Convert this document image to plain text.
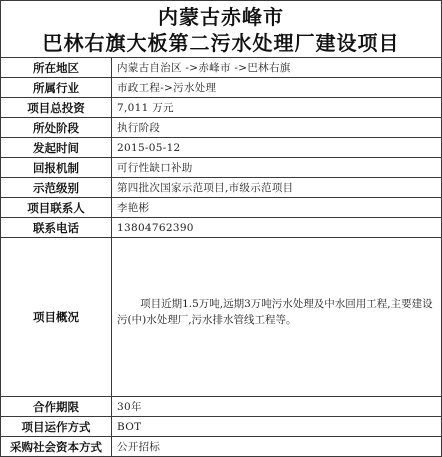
内蒙古赤峰市
巴林右旗大板第二污水处理厂建设项目
所在地区	内蒙古自治区 ->赤峰市 ->巴林右旗
所属行业	市政工程->污水处理
项目总投资	7,011 万元
所处阶段	执行阶段
发起时间	2015-05-12
回报机制	可行性缺口补助
示范级别	第四批次国家示范项目,市级示范项目
项目联系人	李艳彬
联系电话	13804762390
项目概况	项目近期1.5万吨,远期3万吨污水处理及中水回用工程,主要建设污(中)水处理厂,污水排水管线工程等。

合作期限	30年
项目运作方式	BOT
采购社会资本方式	公开招标
